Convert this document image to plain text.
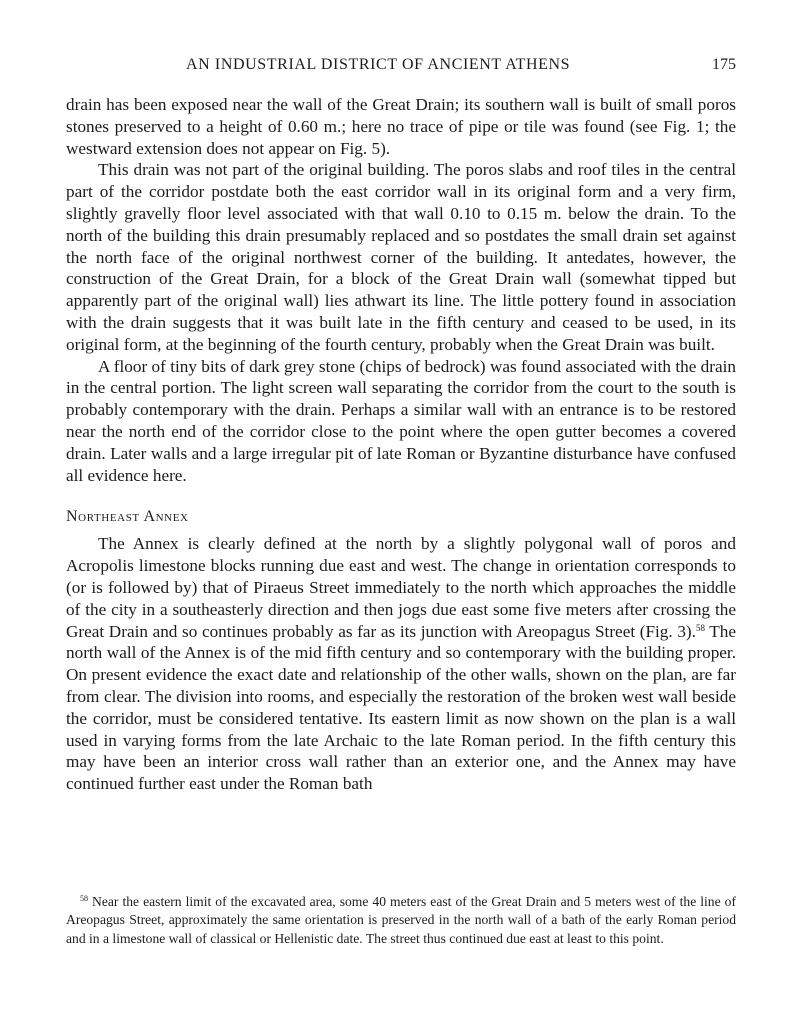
AN INDUSTRIAL DISTRICT OF ANCIENT ATHENS	175

drain has been exposed near the wall of the Great Drain; its southern wall is built of small poros stones preserved to a height of 0.60 m.; here no trace of pipe or tile was found (see Fig. 1; the westward extension does not appear on Fig. 5).

This drain was not part of the original building. The poros slabs and roof tiles in the central part of the corridor postdate both the east corridor wall in its original form and a very firm, slightly gravelly floor level associated with that wall 0.10 to 0.15 m. below the drain. To the north of the building this drain presumably replaced and so postdates the small drain set against the north face of the original northwest corner of the building. It antedates, however, the construction of the Great Drain, for a block of the Great Drain wall (somewhat tipped but apparently part of the original wall) lies athwart its line. The little pottery found in association with the drain suggests that it was built late in the fifth century and ceased to be used, in its original form, at the beginning of the fourth century, probably when the Great Drain was built.

A floor of tiny bits of dark grey stone (chips of bedrock) was found associated with the drain in the central portion. The light screen wall separating the corridor from the court to the south is probably contemporary with the drain. Perhaps a similar wall with an entrance is to be restored near the north end of the corridor close to the point where the open gutter becomes a covered drain. Later walls and a large irregular pit of late Roman or Byzantine disturbance have confused all evidence here.

Northeast Annex

The Annex is clearly defined at the north by a slightly polygonal wall of poros and Acropolis limestone blocks running due east and west. The change in orientation corresponds to (or is followed by) that of Piraeus Street immediately to the north which approaches the middle of the city in a southeasterly direction and then jogs due east some five meters after crossing the Great Drain and so continues probably as far as its junction with Areopagus Street (Fig. 3).$^{58}$ The north wall of the Annex is of the mid fifth century and so contemporary with the building proper. On present evidence the exact date and relationship of the other walls, shown on the plan, are far from clear. The division into rooms, and especially the restoration of the broken west wall beside the corridor, must be considered tentative. Its eastern limit as now shown on the plan is a wall used in varying forms from the late Archaic to the late Roman period. In the fifth century this may have been an interior cross wall rather than an exterior one, and the Annex may have continued further east under the Roman bath

$^{58}$ Near the eastern limit of the excavated area, some 40 meters east of the Great Drain and 5 meters west of the line of Areopagus Street, approximately the same orientation is preserved in the north wall of a bath of the early Roman period and in a limestone wall of classical or Hellenistic date. The street thus continued due east at least to this point.
